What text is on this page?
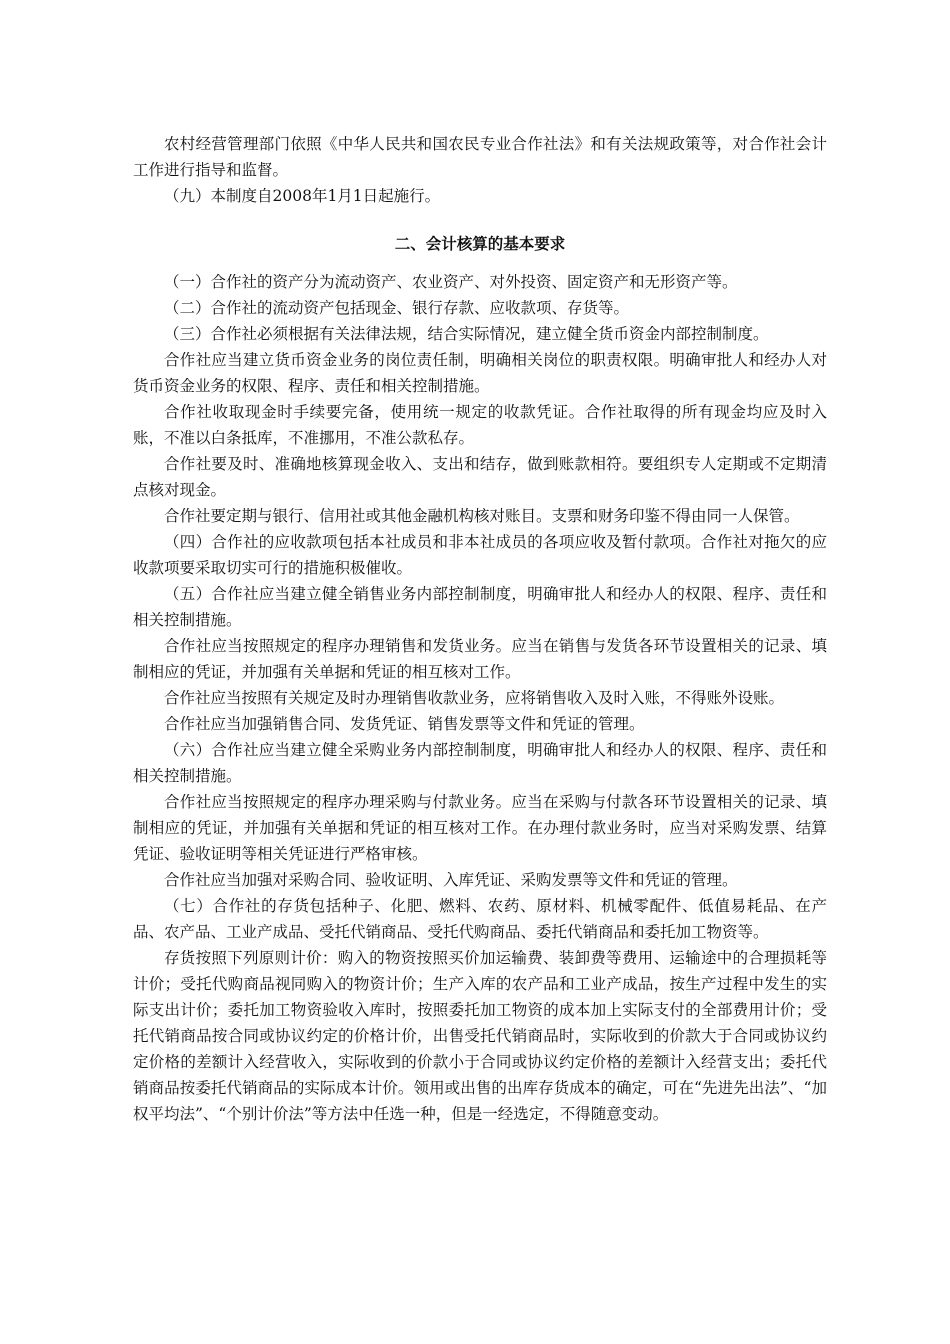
农村经营管理部门依照《中华人民共和国农民专业合作社法》和有关法规政策等，对合作社会计工作进行指导和监督。

（九）本制度自2008年1月1日起施行。

二、会计核算的基本要求

（一）合作社的资产分为流动资产、农业资产、对外投资、固定资产和无形资产等。

（二）合作社的流动资产包括现金、银行存款、应收款项、存货等。

（三）合作社必须根据有关法律法规，结合实际情况，建立健全货币资金内部控制制度。

合作社应当建立货币资金业务的岗位责任制，明确相关岗位的职责权限。明确审批人和经办人对货币资金业务的权限、程序、责任和相关控制措施。

合作社收取现金时手续要完备，使用统一规定的收款凭证。合作社取得的所有现金均应及时入账，不准以白条抵库，不准挪用，不准公款私存。

合作社要及时、准确地核算现金收入、支出和结存，做到账款相符。要组织专人定期或不定期清点核对现金。

合作社要定期与银行、信用社或其他金融机构核对账目。支票和财务印鉴不得由同一人保管。

（四）合作社的应收款项包括本社成员和非本社成员的各项应收及暂付款项。合作社对拖欠的应收款项要采取切实可行的措施积极催收。

（五）合作社应当建立健全销售业务内部控制制度，明确审批人和经办人的权限、程序、责任和相关控制措施。

合作社应当按照规定的程序办理销售和发货业务。应当在销售与发货各环节设置相关的记录、填制相应的凭证，并加强有关单据和凭证的相互核对工作。

合作社应当按照有关规定及时办理销售收款业务，应将销售收入及时入账，不得账外设账。

合作社应当加强销售合同、发货凭证、销售发票等文件和凭证的管理。

（六）合作社应当建立健全采购业务内部控制制度，明确审批人和经办人的权限、程序、责任和相关控制措施。

合作社应当按照规定的程序办理采购与付款业务。应当在采购与付款各环节设置相关的记录、填制相应的凭证，并加强有关单据和凭证的相互核对工作。在办理付款业务时，应当对采购发票、结算凭证、验收证明等相关凭证进行严格审核。

合作社应当加强对采购合同、验收证明、入库凭证、采购发票等文件和凭证的管理。

（七）合作社的存货包括种子、化肥、燃料、农药、原材料、机械零配件、低值易耗品、在产品、农产品、工业产成品、受托代销商品、受托代购商品、委托代销商品和委托加工物资等。

存货按照下列原则计价：购入的物资按照买价加运输费、装卸费等费用、运输途中的合理损耗等计价；受托代购商品视同购入的物资计价；生产入库的农产品和工业产成品，按生产过程中发生的实际支出计价；委托加工物资验收入库时，按照委托加工物资的成本加上实际支付的全部费用计价；受托代销商品按合同或协议约定的价格计价，出售受托代销商品时，实际收到的价款大于合同或协议约定价格的差额计入经营收入，实际收到的价款小于合同或协议约定价格的差额计入经营支出；委托代销商品按委托代销商品的实际成本计价。领用或出售的出库存货成本的确定，可在“先进先出法”、“加权平均法”、“个别计价法”等方法中任选一种，但是一经选定，不得随意变动。
